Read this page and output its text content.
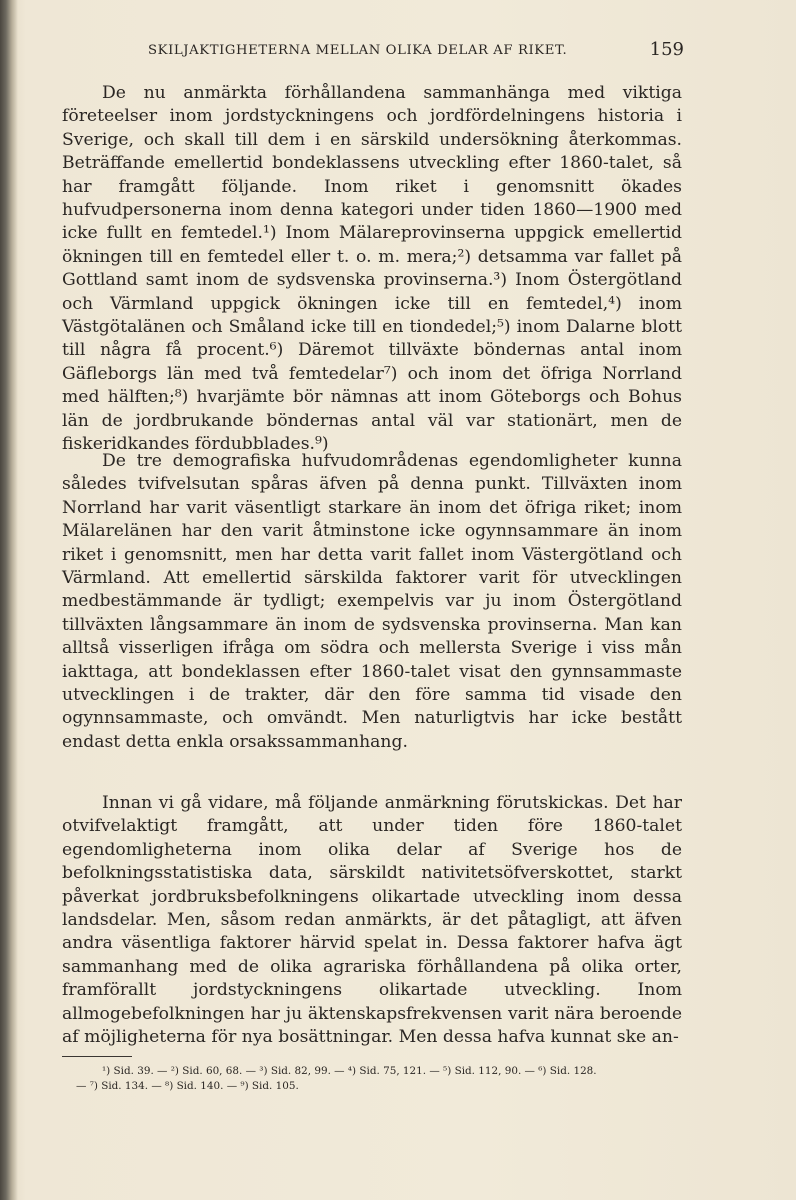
SKILJAKTIGHETERNA MELLAN OLIKA DELAR AF RIKET.	159

De nu anmärkta förhållandena sammanhänga med viktiga företeelser inom jordstyckningens och jordfördelningens historia i Sverige, och skall till dem i en särskild undersökning återkommas. Beträffande emellertid bondeklassens utveckling efter 1860-talet, så har framgått följande. Inom riket i genomsnitt ökades hufvudpersonerna inom denna kategori under tiden 1860—1900 med icke fullt en femtedel.¹) Inom Mälareprovinserna uppgick emellertid ökningen till en femtedel eller t. o. m. mera;²) detsamma var fallet på Gottland samt inom de sydsvenska provinserna.³) Inom Östergötland och Värmland uppgick ökningen icke till en femtedel,⁴) inom Västgötalänen och Småland icke till en tiondedel;⁵) inom Dalarne blott till några få procent.⁶) Däremot tillväxte böndernas antal inom Gäfleborgs län med två femtedelar⁷) och inom det öfriga Norrland med hälften;⁸) hvarjämte bör nämnas att inom Göteborgs och Bohus län de jordbrukande böndernas antal väl var stationärt, men de fiskeridkandes fördubblades.⁹)

De tre demografiska hufvudområdenas egendomligheter kunna således tvifvelsutan spåras äfven på denna punkt. Tillväxten inom Norrland har varit väsentligt starkare än inom det öfriga riket; inom Mälarelänen har den varit åtminstone icke ogynnsammare än inom riket i genomsnitt, men har detta varit fallet inom Västergötland och Värmland. Att emellertid särskilda faktorer varit för utvecklingen medbestämmande är tydligt; exempelvis var ju inom Östergötland tillväxten långsammare än inom de sydsvenska provinserna. Man kan alltså visserligen ifråga om södra och mellersta Sverige i viss mån iakttaga, att bondeklassen efter 1860-talet visat den gynnsammaste utvecklingen i de trakter, där den före samma tid visade den ogynnsammaste, och omvändt. Men naturligtvis har icke bestått endast detta enkla orsakssammanhang.

Innan vi gå vidare, må följande anmärkning förutskickas. Det har otvifvelaktigt framgått, att under tiden före 1860-talet egendomligheterna inom olika delar af Sverige hos de befolkningsstatistiska data, särskildt nativitetsöfverskottet, starkt påverkat jordbruksbefolkningens olikartade utveckling inom dessa landsdelar. Men, såsom redan anmärkts, är det påtagligt, att äfven andra väsentliga faktorer härvid spelat in. Dessa faktorer hafva ägt sammanhang med de olika agrariska förhållandena på olika orter, framförallt jordstyckningens olikartade utveckling. Inom allmogebefolkningen har ju äktenskapsfrekvensen varit nära beroende af möjligheterna för nya bosättningar. Men dessa hafva kunnat ske an-

¹) Sid. 39. — ²) Sid. 60, 68. — ³) Sid. 82, 99. — ⁴) Sid. 75, 121. — ⁵) Sid. 112, 90. — ⁶) Sid. 128.
— ⁷) Sid. 134. — ⁸) Sid. 140. — ⁹) Sid. 105.
